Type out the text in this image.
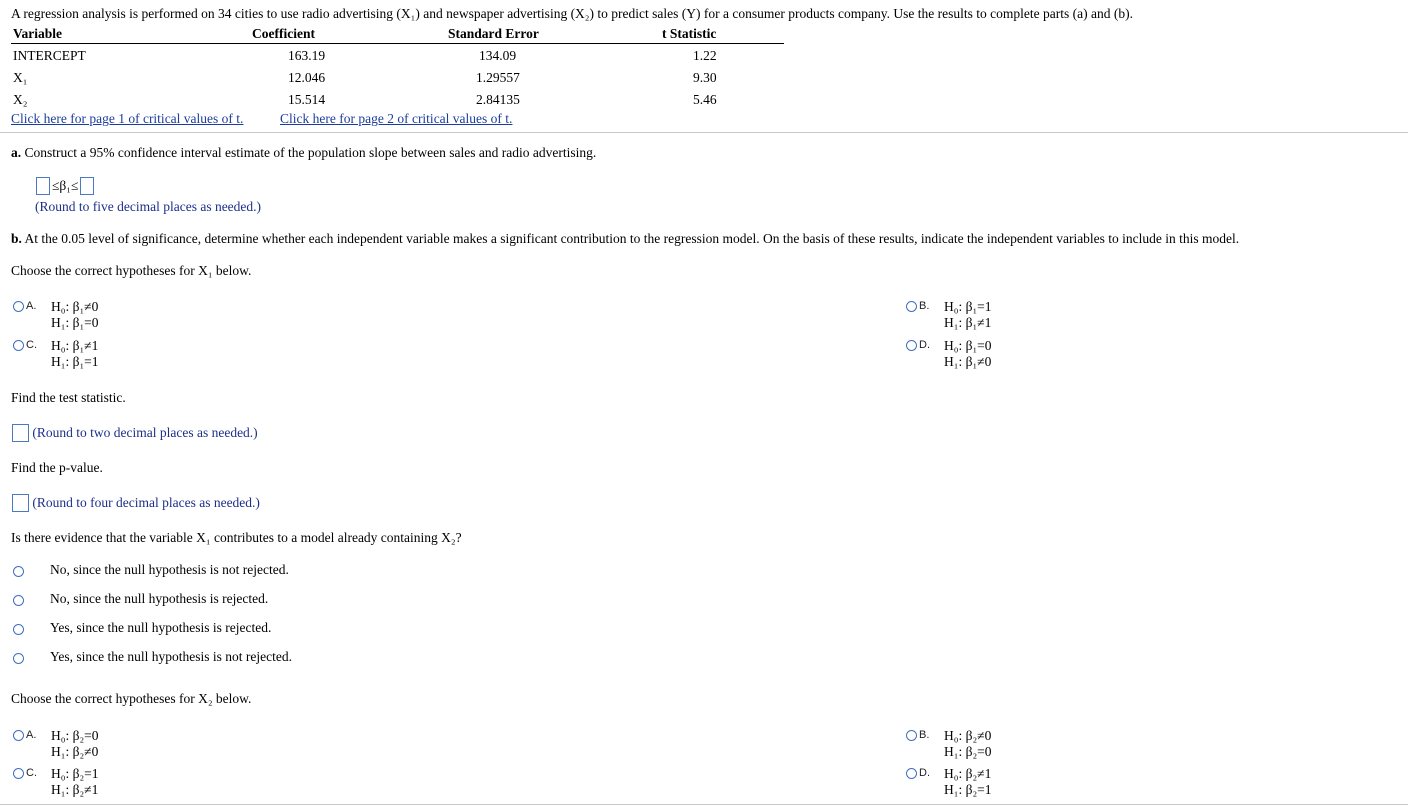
A regression analysis is performed on 34 cities to use radio advertising (X₁) and newspaper advertising (X₂) to predict sales (Y) for a consumer products company. Use the results to complete parts (a) and (b).
Variable	Coefficient	Standard Error	t Statistic
INTERCEPT	163.19	134.09	1.22
X₁	12.046	1.29557	9.30
X₂	15.514	2.84135	5.46
Click here for page 1 of critical values of t.	Click here for page 2 of critical values of t.
a. Construct a 95% confidence interval estimate of the population slope between sales and radio advertising.
≤β₁≤
(Round to five decimal places as needed.)
b. At the 0.05 level of significance, determine whether each independent variable makes a significant contribution to the regression model. On the basis of these results, indicate the independent variables to include in this model.
Choose the correct hypotheses for X₁ below.
A. H₀: β₁≠0
H₁: β₁=0
B. H₀: β₁=1
H₁: β₁≠1
C. H₀: β₁≠1
H₁: β₁=1
D. H₀: β₁=0
H₁: β₁≠0
Find the test statistic.
(Round to two decimal places as needed.)
Find the p-value.
(Round to four decimal places as needed.)
Is there evidence that the variable X₁ contributes to a model already containing X₂?
No, since the null hypothesis is not rejected.
No, since the null hypothesis is rejected.
Yes, since the null hypothesis is rejected.
Yes, since the null hypothesis is not rejected.
Choose the correct hypotheses for X₂ below.
A. H₀: β₂=0
H₁: β₂≠0
B. H₀: β₂≠0
H₁: β₂=0
C. H₀: β₂=1
H₁: β₂≠1
D. H₀: β₂≠1
H₁: β₂=1
